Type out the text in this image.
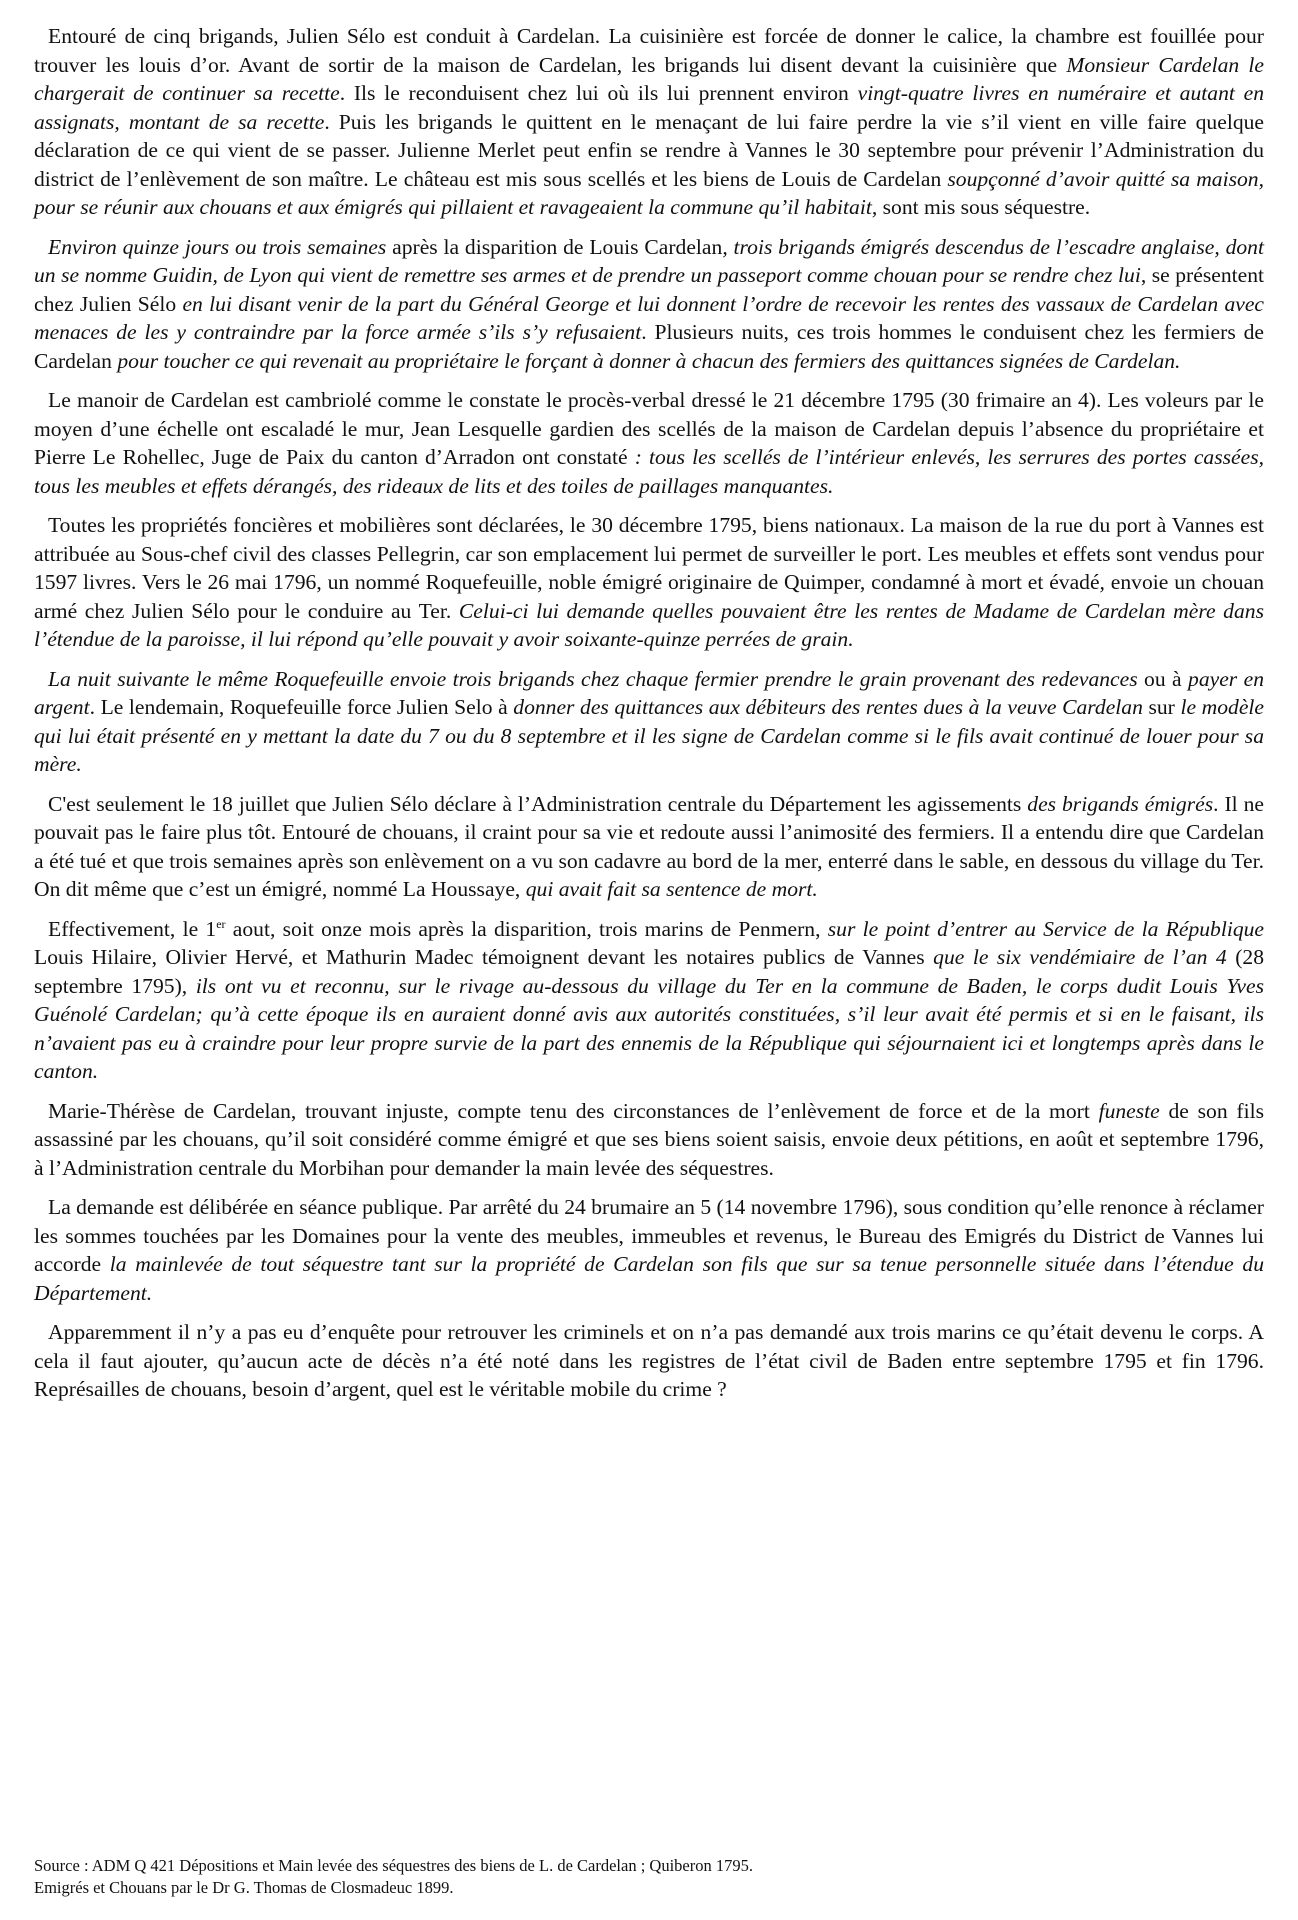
Entouré de cinq brigands, Julien Sélo est conduit à Cardelan. La cuisinière est forcée de donner le calice, la chambre est fouillée pour trouver les louis d’or. Avant de sortir de la maison de Cardelan, les brigands lui disent devant la cuisinière que Monsieur Cardelan le chargerait de continuer sa recette. Ils le reconduisent chez lui où ils lui prennent environ vingt-quatre livres en numéraire et autant en assignats, montant de sa recette. Puis les brigands le quittent en le menaçant de lui faire perdre la vie s’il vient en ville faire quelque déclaration de ce qui vient de se passer. Julienne Merlet peut enfin se rendre à Vannes le 30 septembre pour prévenir l’Administration du district de l’enlèvement de son maître. Le château est mis sous scellés et les biens de Louis de Cardelan soupçonné d’avoir quitté sa maison, pour se réunir aux chouans et aux émigrés qui pillaient et ravageaient la commune qu’il habitait, sont mis sous séquestre.

Environ quinze jours ou trois semaines après la disparition de Louis Cardelan, trois brigands émigrés descendus de l’escadre anglaise, dont un se nomme Guidin, de Lyon qui vient de remettre ses armes et de prendre un passeport comme chouan pour se rendre chez lui, se présentent chez Julien Sélo en lui disant venir de la part du Général George et lui donnent l’ordre de recevoir les rentes des vassaux de Cardelan avec menaces de les y contraindre par la force armée s’ils s’y refusaient. Plusieurs nuits, ces trois hommes le conduisent chez les fermiers de Cardelan pour toucher ce qui revenait au propriétaire le forçant à donner à chacun des fermiers des quittances signées de Cardelan.

Le manoir de Cardelan est cambriolé comme le constate le procès-verbal dressé le 21 décembre 1795 (30 frimaire an 4). Les voleurs par le moyen d’une échelle ont escaladé le mur, Jean Lesquelle gardien des scellés de la maison de Cardelan depuis l’absence du propriétaire et Pierre Le Rohellec, Juge de Paix du canton d’Arradon ont constaté : tous les scellés de l’intérieur enlevés, les serrures des portes cassées, tous les meubles et effets dérangés, des rideaux de lits et des toiles de paillages manquantes.

Toutes les propriétés foncières et mobilières sont déclarées, le 30 décembre 1795, biens nationaux. La maison de la rue du port à Vannes est attribuée au Sous-chef civil des classes Pellegrin, car son emplacement lui permet de surveiller le port. Les meubles et effets sont vendus pour 1597 livres. Vers le 26 mai 1796, un nommé Roquefeuille, noble émigré originaire de Quimper, condamné à mort et évadé, envoie un chouan armé chez Julien Sélo pour le conduire au Ter. Celui-ci lui demande quelles pouvaient être les rentes de Madame de Cardelan mère dans l’étendue de la paroisse, il lui répond qu’elle pouvait y avoir soixante-quinze perrées de grain.

La nuit suivante le même Roquefeuille envoie trois brigands chez chaque fermier prendre le grain provenant des redevances ou à payer en argent. Le lendemain, Roquefeuille force Julien Selo à donner des quittances aux débiteurs des rentes dues à la veuve Cardelan sur le modèle qui lui était présenté en y mettant la date du 7 ou du 8 septembre et il les signe de Cardelan comme si le fils avait continué de louer pour sa mère.

C'est seulement le 18 juillet que Julien Sélo déclare à l’Administration centrale du Département les agissements des brigands émigrés. Il ne pouvait pas le faire plus tôt. Entouré de chouans, il craint pour sa vie et redoute aussi l’animosité des fermiers. Il a entendu dire que Cardelan a été tué et que trois semaines après son enlèvement on a vu son cadavre au bord de la mer, enterré dans le sable, en dessous du village du Ter. On dit même que c’est un émigré, nommé La Houssaye, qui avait fait sa sentence de mort.

Effectivement, le 1er aout, soit onze mois après la disparition, trois marins de Penmern, sur le point d’entrer au Service de la République Louis Hilaire, Olivier Hervé, et Mathurin Madec témoignent devant les notaires publics de Vannes que le six vendémiaire de l’an 4 (28 septembre 1795), ils ont vu et reconnu, sur le rivage au-dessous du village du Ter en la commune de Baden, le corps dudit Louis Yves Guénolé Cardelan; qu’à cette époque ils en auraient donné avis aux autorités constituées, s’il leur avait été permis et si en le faisant, ils n’avaient pas eu à craindre pour leur propre survie de la part des ennemis de la République qui séjournaient ici et longtemps après dans le canton.

Marie-Thérèse de Cardelan, trouvant injuste, compte tenu des circonstances de l’enlèvement de force et de la mort funeste de son fils assassiné par les chouans, qu’il soit considéré comme émigré et que ses biens soient saisis, envoie deux pétitions, en août et septembre 1796, à l’Administration centrale du Morbihan pour demander la main levée des séquestres.

La demande est délibérée en séance publique. Par arrêté du 24 brumaire an 5 (14 novembre 1796), sous condition qu’elle renonce à réclamer les sommes touchées par les Domaines pour la vente des meubles, immeubles et revenus, le Bureau des Emigrés du District de Vannes lui accorde la mainlevée de tout séquestre tant sur la propriété de Cardelan son fils que sur sa tenue personnelle située dans l’étendue du Département.

Apparemment il n’y a pas eu d’enquête pour retrouver les criminels et on n’a pas demandé aux trois marins ce qu’était devenu le corps. A cela il faut ajouter, qu’aucun acte de décès n’a été noté dans les registres de l’état civil de Baden entre septembre 1795 et fin 1796. Représailles de chouans, besoin d’argent, quel est le véritable mobile du crime ?

Source : ADM Q 421 Dépositions et Main levée des séquestres des biens de L. de Cardelan ; Quiberon 1795.
Emigrés et Chouans par le Dr G. Thomas de Closmadeuc 1899.
